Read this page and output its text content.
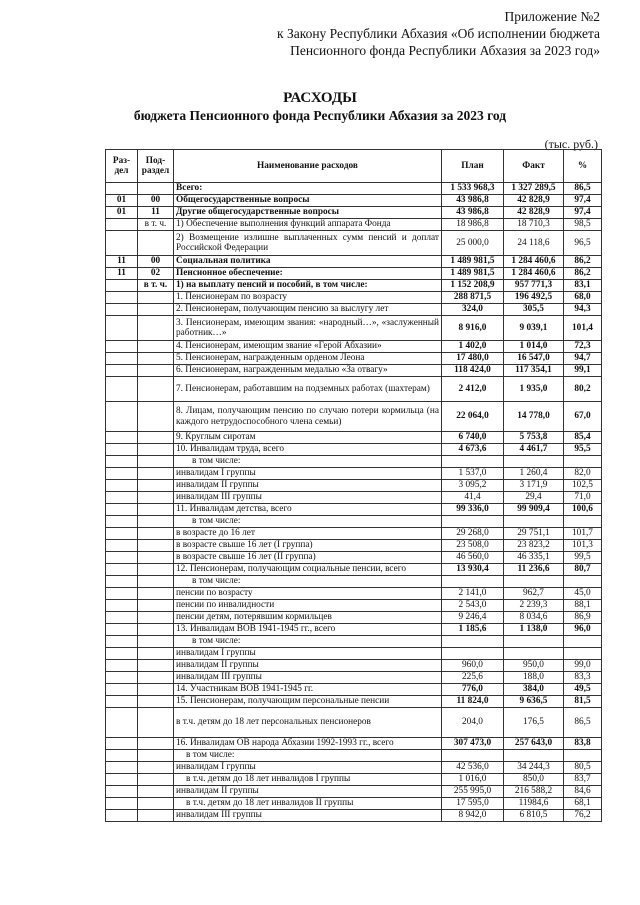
Приложение №2
к Закону Республики Абхазия «Об исполнении бюджета
Пенсионного фонда Республики Абхазия за 2023 год»
РАСХОДЫ
бюджета Пенсионного фонда Республики Абхазия за 2023 год
(тыс. руб.)
Раз-дел	Под-раздел	Наименование расходов	План	Факт	%
		Всего:	1 533 968,3	1 327 289,5	86,5
01	00	Общегосударственные вопросы	43 986,8	42 828,9	97,4
01	11	Другие общегосударственные вопросы	43 986,8	42 828,9	97,4
	в т. ч.	1) Обеспечение выполнения функций аппарата Фонда	18 986,8	18 710,3	98,5
		2) Возмещение излишне выплаченных сумм пенсий и доплат Российской Федерации	25 000,0	24 118,6	96,5
11	00	Социальная политика	1 489 981,5	1 284 460,6	86,2
11	02	Пенсионное обеспечение:	1 489 981,5	1 284 460,6	86,2
	в т. ч.	1) на выплату пенсий и пособий, в том числе:	1 152 208,9	957 771,3	83,1
		1. Пенсионерам по возрасту	288 871,5	196 492,5	68,0
		2. Пенсионерам, получающим пенсию за выслугу лет	324,0	305,5	94,3
		3. Пенсионерам, имеющим звания: «народный…», «заслуженный работник…»	8 916,0	9 039,1	101,4
		4. Пенсионерам, имеющим звание «Герой Абхазии»	1 402,0	1 014,0	72,3
		5. Пенсионерам, награжденным орденом Леона	17 480,0	16 547,0	94,7
		6. Пенсионерам, награжденным медалью «За отвагу»	118 424,0	117 354,1	99,1
		7. Пенсионерам, работавшим на подземных работах (шахтерам)	2 412,0	1 935,0	80,2
		8. Лицам, получающим пенсию по случаю потери кормильца (на каждого нетрудоспособного члена семьи)	22 064,0	14 778,0	67,0
		9. Круглым сиротам	6 740,0	5 753,8	85,4
		10. Инвалидам труда, всего	4 673,6	4 461,7	95,5
		в том числе:			
		инвалидам I группы	1 537,0	1 260,4	82,0
		инвалидам II группы	3 095,2	3 171,9	102,5
		инвалидам III группы	41,4	29,4	71,0
		11. Инвалидам детства, всего	99 336,0	99 909,4	100,6
		в том числе:			
		в возрасте до 16 лет	29 268,0	29 751,1	101,7
		в возрасте свыше 16 лет (I группа)	23 508,0	23 823,2	101,3
		в возрасте свыше 16 лет (II группа)	46 560,0	46 335,1	99,5
		12. Пенсионерам, получающим социальные пенсии, всего	13 930,4	11 236,6	80,7
		в том числе:			
		пенсии по возрасту	2 141,0	962,7	45,0
		пенсии по инвалидности	2 543,0	2 239,3	88,1
		пенсии детям, потерявшим кормильцев	9 246,4	8 034,6	86,9
		13. Инвалидам ВОВ 1941-1945 гг., всего	1 185,6	1 138,0	96,0
		в том числе:			
		инвалидам I группы			
		инвалидам II группы	960,0	950,0	99,0
		инвалидам III группы	225,6	188,0	83,3
		14. Участникам ВОВ 1941-1945 гг.	776,0	384,0	49,5
		15. Пенсионерам, получающим персональные пенсии	11 824,0	9 636,5	81,5
		в т.ч. детям до 18 лет персональных пенсионеров	204,0	176,5	86,5
		16. Инвалидам ОВ народа Абхазии 1992-1993 гг., всего	307 473,0	257 643,0	83,8
		в том числе:			
		инвалидам I группы	42 536,0	34 244,3	80,5
		в т.ч. детям до 18 лет инвалидов I группы	1 016,0	850,0	83,7
		инвалидам II группы	255 995,0	216 588,2	84,6
		в т.ч. детям до 18 лет инвалидов II группы	17 595,0	11984,6	68,1
		инвалидам III группы	8 942,0	6 810,5	76,2
